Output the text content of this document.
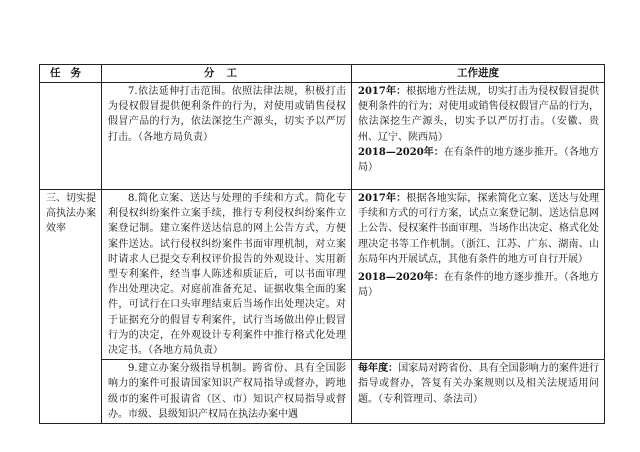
任务	分工	工作进度

	7.依法延伸打击范围。依照法律法规，积极打击为侵权假冒提供便利条件的行为，对使用或销售侵权假冒产品的行为，依法深挖生产源头，切实予以严厉打击。（各地方局负责）	2017年：根据地方性法规，切实打击为侵权假冒提供便利条件的行为；对使用或销售侵权假冒产品的行为，依法深挖生产源头，切实予以严厉打击。（安徽、贵州、辽宁、陕西局）

2018—2020年：在有条件的地方逐步推开。（各地方局）

三、切实提高执法办案效率	8.简化立案、送达与处理的手续和方式。简化专利侵权纠纷案件立案手续，推行专利侵权纠纷案件立案登记制。建立案件送达信息的网上公告方式，方便案件送达。试行侵权纠纷案件书面审理机制，对立案时请求人已提交专利权评价报告的外观设计、实用新型专利案件，经当事人陈述和质证后，可以书面审理作出处理决定。对庭前准备充足、证据收集全面的案件，可试行在口头审理结束后当场作出处理决定。对于证据充分的假冒专利案件，试行当场做出停止假冒行为的决定，在外观设计专利案件中推行格式化处理决定书。（各地方局负责）	2017年：根据各地实际，探索简化立案、送达与处理手续和方式的可行方案，试点立案登记制、送达信息网上公告、侵权案件书面审理、当场作出决定、格式化处理决定书等工作机制。（浙江、江苏、广东、湖南、山东局年内开展试点，其他有条件的地方可自行开展）

2018—2020年：在有条件的地方逐步推开。（各地方局）

	9.建立办案分级指导机制。跨省份、具有全国影响力的案件可报请国家知识产权局指导或督办，跨地级市的案件可报请省（区、市）知识产权局指导或督办。市级、县级知识产权局在执法办案中遇	每年度：国家局对跨省份、具有全国影响力的案件进行指导或督办，答复有关办案规则以及相关法规适用问题。（专利管理司、条法司）
